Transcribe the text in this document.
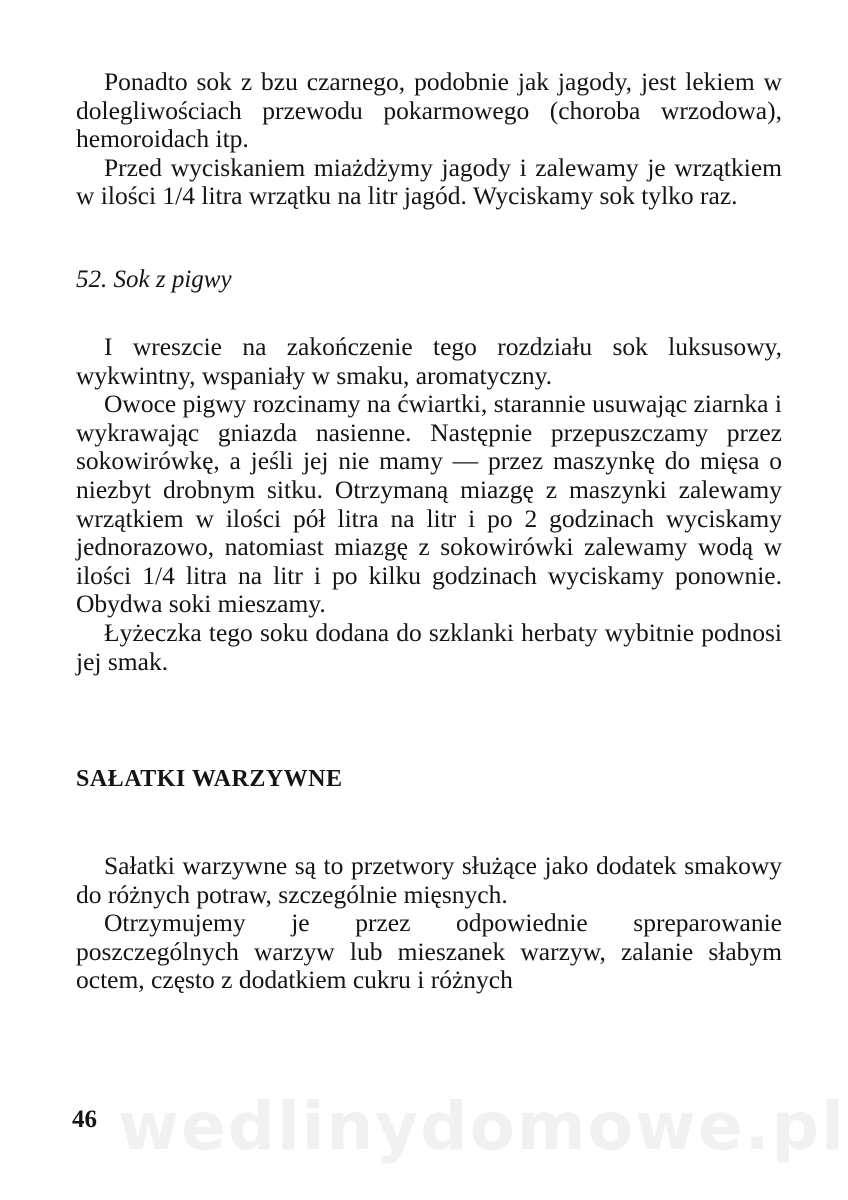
Ponadto sok z bzu czarnego, podobnie jak jagody, jest lekiem w dolegliwościach przewodu pokarmowego (choroba wrzodowa), hemoroidach itp.

Przed wyciskaniem miażdżymy jagody i zalewamy je wrzątkiem w ilości 1/4 litra wrzątku na litr jagód. Wyciskamy sok tylko raz.

52. Sok z pigwy

I wreszcie na zakończenie tego rozdziału sok luksusowy, wykwintny, wspaniały w smaku, aromatyczny.

Owoce pigwy rozcinamy na ćwiartki, starannie usuwając ziarnka i wykrawając gniazda nasienne. Następnie przepuszczamy przez sokowirówkę, a jeśli jej nie mamy — przez maszynkę do mięsa o niezbyt drobnym sitku. Otrzymaną miazgę z maszynki zalewamy wrzątkiem w ilości pół litra na litr i po 2 godzinach wyciskamy jednorazowo, natomiast miazgę z sokowirówki zalewamy wodą w ilości 1/4 litra na litr i po kilku godzinach wyciskamy ponownie. Obydwa soki mieszamy.

Łyżeczka tego soku dodana do szklanki herbaty wybitnie podnosi jej smak.

SAŁATKI WARZYWNE

Sałatki warzywne są to przetwory służące jako dodatek smakowy do różnych potraw, szczególnie mięsnych.

Otrzymujemy je przez odpowiednie spreparowanie poszczególnych warzyw lub mieszanek warzyw, zalanie słabym octem, często z dodatkiem cukru i różnych

wedlinydomowe.pl
46
